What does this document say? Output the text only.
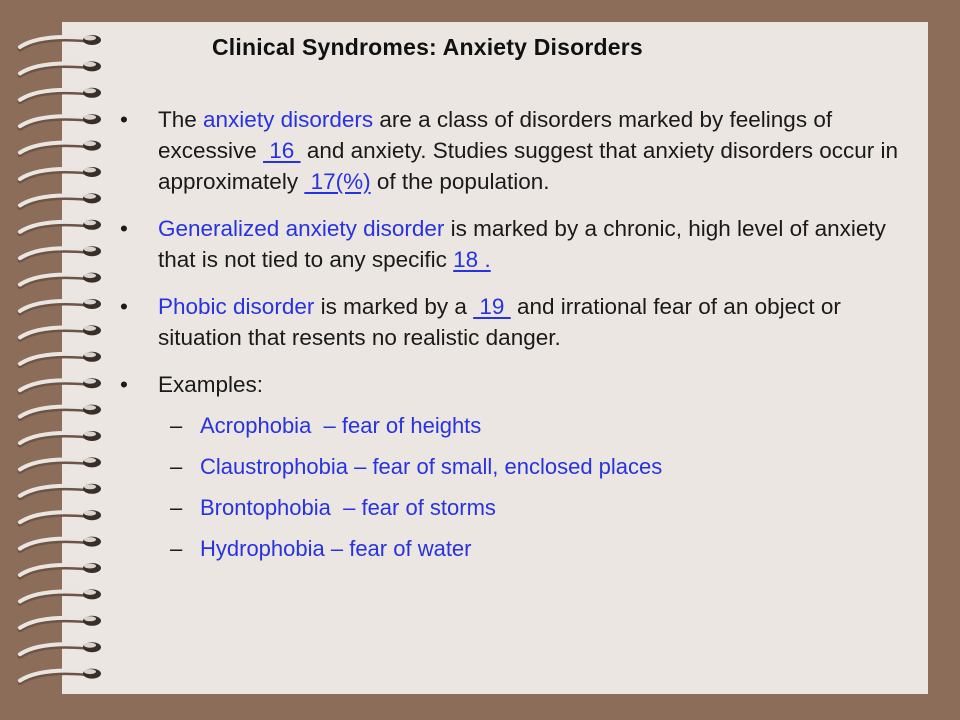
Clinical Syndromes: Anxiety Disorders
•	The anxiety disorders are a class of disorders marked by feelings of excessive  16  and anxiety. Studies suggest that anxiety disorders occur in approximately  17(%) of the population.
•	Generalized anxiety disorder is marked by a chronic, high level of anxiety that is not tied to any specific 18 .
•	Phobic disorder is marked by a  19  and irrational fear of an object or situation that resents no realistic danger.
•	Examples:
– Acrophobia  – fear of heights
– Claustrophobia – fear of small, enclosed places
– Brontophobia  – fear of storms
– Hydrophobia – fear of water
